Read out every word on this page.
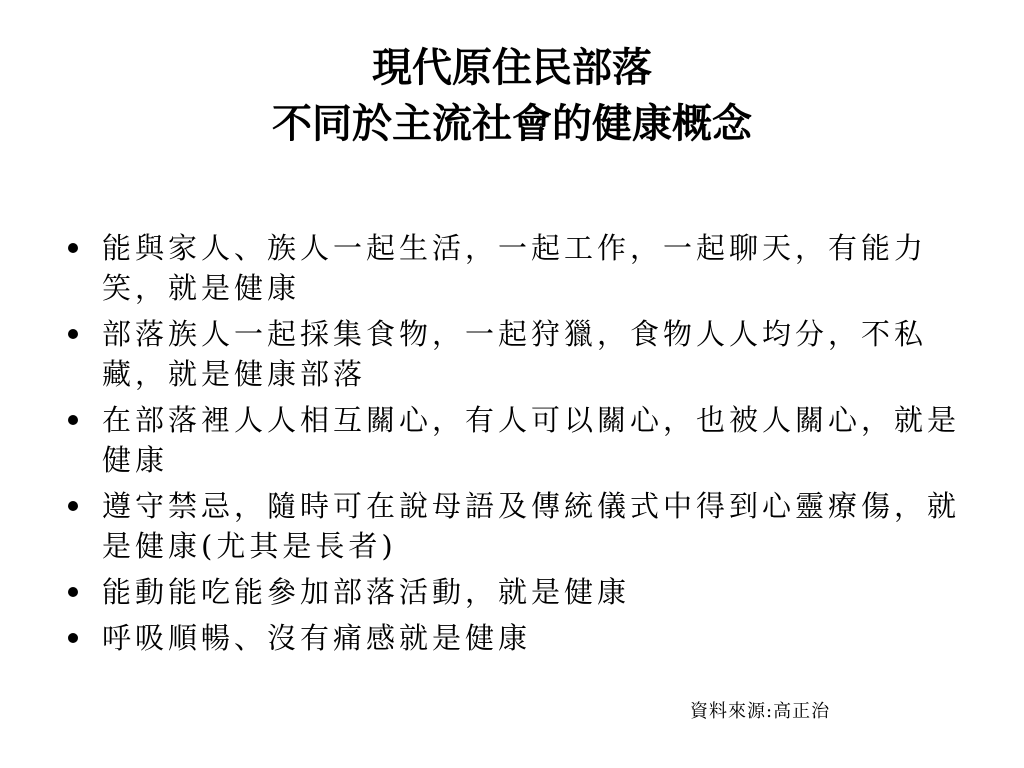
現代原住民部落
不同於主流社會的健康概念
能與家人、族人一起生活，一起工作，一起聊天，有能力笑，就是健康
部落族人一起採集食物，一起狩獵，食物人人均分，不私藏，就是健康部落
在部落裡人人相互關心，有人可以關心，也被人關心，就是健康
遵守禁忌，隨時可在說母語及傳統儀式中得到心靈療傷，就是健康(尤其是長者)
能動能吃能參加部落活動，就是健康
呼吸順暢、沒有痛感就是健康
資料來源:高正治
